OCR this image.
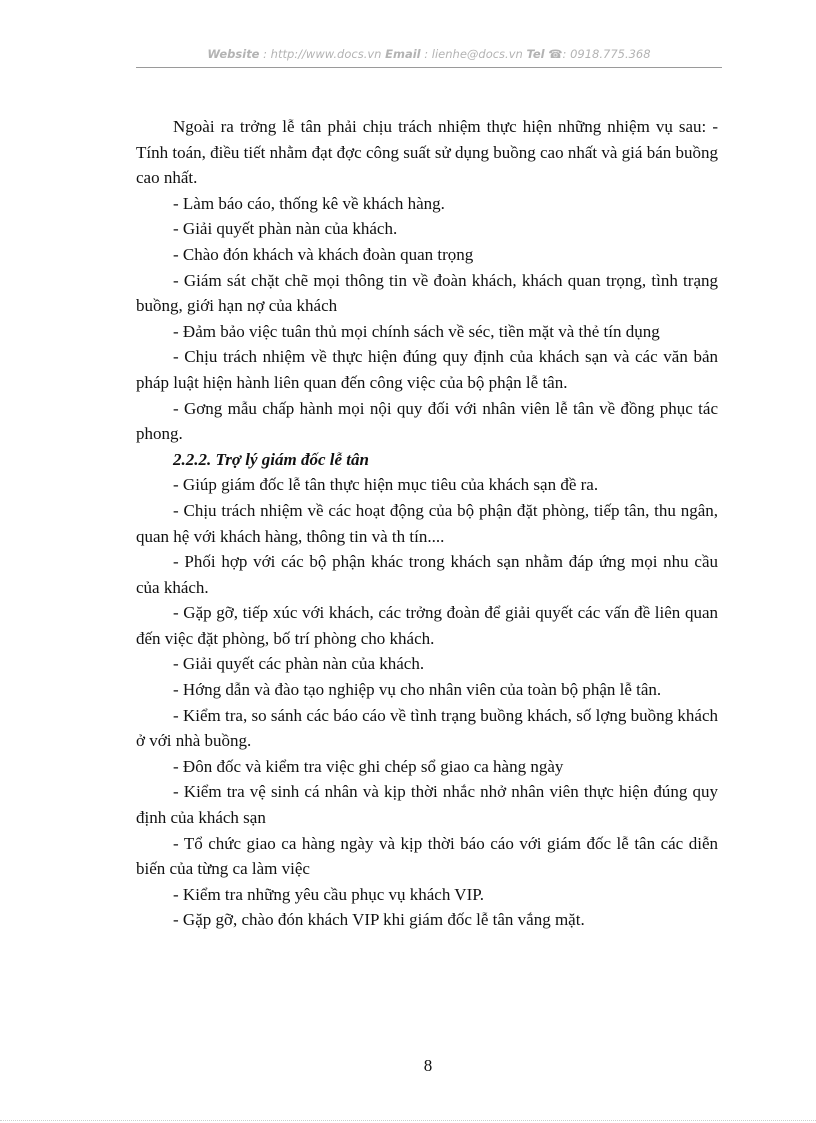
Website : http://www.docs.vn Email : lienhe@docs.vn Tel ☎: 0918.775.368

Ngoài ra trởng lễ tân phải chịu trách nhiệm thực hiện những nhiệm vụ sau: - Tính toán, điều tiết nhằm đạt đợc công suất sử dụng buồng cao nhất và giá bán buồng cao nhất.

- Làm báo cáo, thống kê về khách hàng.

- Giải quyết phàn nàn của khách.

- Chào đón khách và khách đoàn quan trọng

- Giám sát chặt chẽ mọi thông tin về đoàn khách, khách quan trọng, tình trạng buồng, giới hạn nợ của khách

- Đảm bảo việc tuân thủ mọi chính sách về séc, tiền mặt và thẻ tín dụng

- Chịu trách nhiệm về thực hiện đúng quy định của khách sạn và các văn bản pháp luật hiện hành liên quan đến công việc của bộ phận lễ tân.

- Gơng mẫu chấp hành mọi nội quy đối với nhân viên lễ tân về đồng phục tác phong.

2.2.2. Trợ lý giám đốc lễ tân

- Giúp giám đốc lễ tân thực hiện mục tiêu của khách sạn đề ra.

- Chịu trách nhiệm về các hoạt động của bộ phận đặt phòng, tiếp tân, thu ngân, quan hệ với khách hàng, thông tin và th tín....

- Phối hợp với các bộ phận khác trong khách sạn nhằm đáp ứng mọi nhu cầu của khách.

- Gặp gỡ, tiếp xúc với khách, các trởng đoàn để giải quyết các vấn đề liên quan đến việc đặt phòng, bố trí phòng cho khách.

- Giải quyết các phàn nàn của khách.

- Hớng dẫn và đào tạo nghiệp vụ cho nhân viên của toàn bộ phận lễ tân.

- Kiểm tra, so sánh các báo cáo về tình trạng buồng khách, số lợng buồng khách ở với nhà buồng.

- Đôn đốc và kiểm tra việc ghi chép sổ giao ca hàng ngày

- Kiểm tra vệ sinh cá nhân và kịp thời nhắc nhở nhân viên thực hiện đúng quy định của khách sạn

- Tổ chức giao ca hàng ngày và kịp thời báo cáo với giám đốc lễ tân các diễn biến của từng ca làm việc

- Kiểm tra những yêu cầu phục vụ khách VIP.

- Gặp gỡ, chào đón khách VIP khi giám đốc lễ tân vắng mặt.

8
